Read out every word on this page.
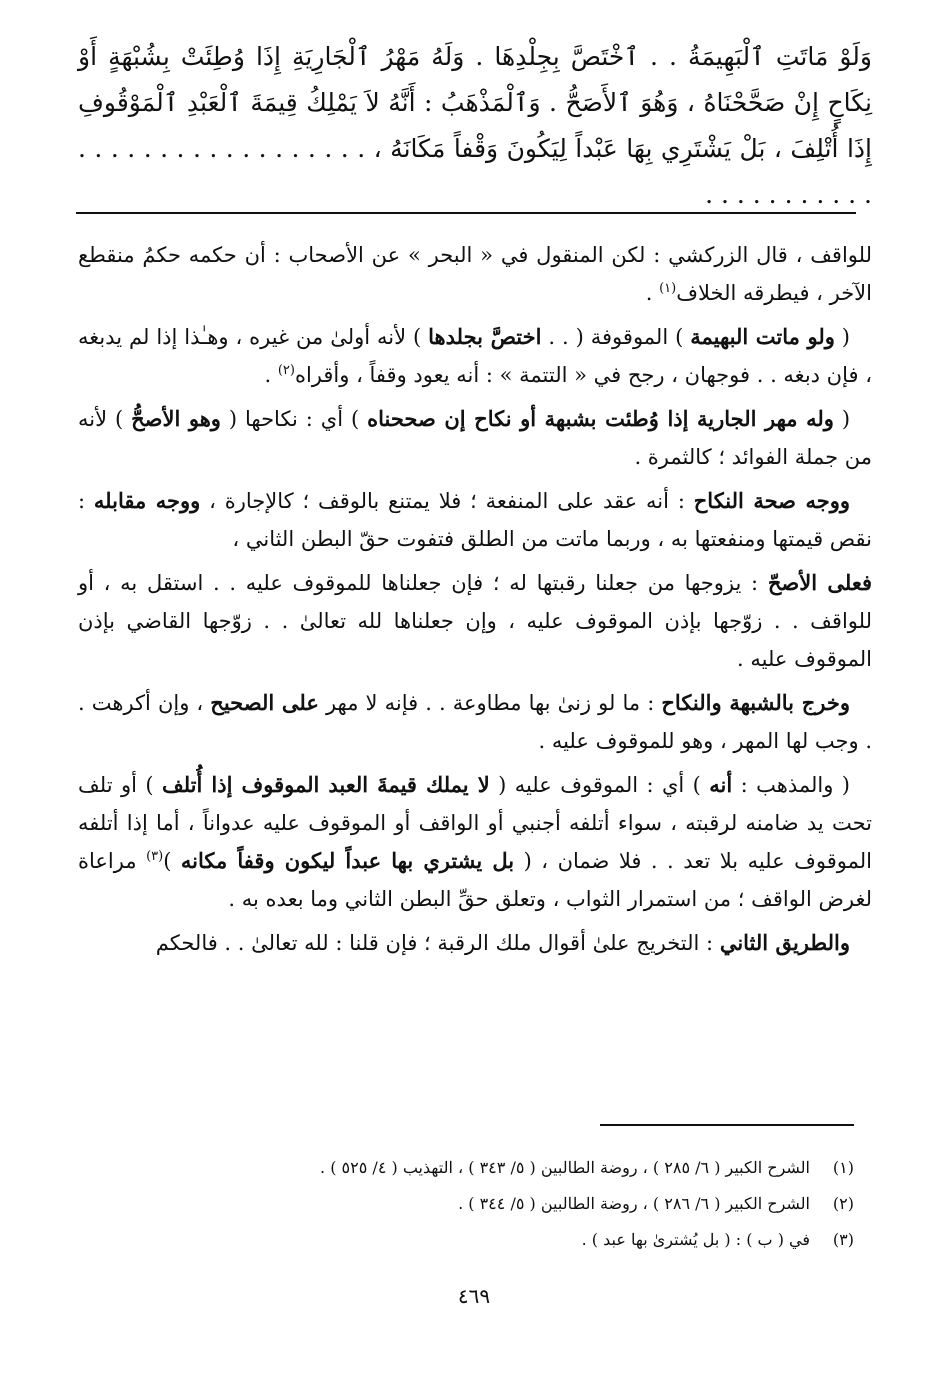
وَلَوْ مَاتَتِ ٱلْبَهِيمَةُ . . ٱخْتَصَّ بِجِلْدِهَا . وَلَهُ مَهْرُ ٱلْجَارِيَةِ إِذَا وُطِئَتْ بِشُبْهَةٍ أَوْ نِكَاحٍ إِنْ صَحَّحْنَاهُ ، وَهُوَ ٱلأَصَحُّ . وَٱلْمَذْهَبُ : أَنَّهُ لاَ يَمْلِكُ قِيمَةَ ٱلْعَبْدِ ٱلْمَوْقُوفِ إِذَا أُتْلِفَ ، بَلْ يَشْتَرِي بِهَا عَبْداً لِيَكُونَ وَقْفاً مَكَانَهُ ، . . . . . . . . . . . . . . . . . . . . . . . . . . . . .

للواقف ، قال الزركشي : لكن المنقول في « البحر » عن الأصحاب : أن حكمه حكمُ منقطع الآخر ، فيطرقه الخلاف$^{(١)}$ .

( ولو ماتت البهيمة ) الموقوفة ( . . اختصَّ بجلدها ) لأنه أولىٰ من غيره ، وهـٰذا إذا لم يدبغه ، فإن دبغه . . فوجهان ، رجح في « التتمة » : أنه يعود وقفاً ، وأقراه$^{(٢)}$ .

( وله مهر الجارية إذا وُطئت بشبهة أو نكاح إن صححناه ) أي : نكاحها ( وهو الأصحُّ ) لأنه من جملة الفوائد ؛ كالثمرة .

ووجه صحة النكاح : أنه عقد على المنفعة ؛ فلا يمتنع بالوقف ؛ كالإجارة ، ووجه مقابله : نقص قيمتها ومنفعتها به ، وربما ماتت من الطلق فتفوت حقّ البطن الثاني ،

فعلى الأصحّ : يزوجها من جعلنا رقبتها له ؛ فإن جعلناها للموقوف عليه . . استقل به ، أو للواقف . . زوّجها بإذن الموقوف عليه ، وإن جعلناها لله تعالىٰ . . زوّجها القاضي بإذن الموقوف عليه .

وخرج بالشبهة والنكاح : ما لو زنىٰ بها مطاوعة . . فإنه لا مهر على الصحيح ، وإن أكرهت . . وجب لها المهر ، وهو للموقوف عليه .

( والمذهب : أنه ) أي : الموقوف عليه ( لا يملك قيمةَ العبد الموقوف إذا أُتلف ) أو تلف تحت يد ضامنه لرقبته ، سواء أتلفه أجنبي أو الواقف أو الموقوف عليه عدواناً ، أما إذا أتلفه الموقوف عليه بلا تعد . . فلا ضمان ، ( بل يشتري بها عبداً ليكون وقفاً مكانه )$^{(٣)}$ مراعاة لغرض الواقف ؛ من استمرار الثواب ، وتعلق حقِّ البطن الثاني وما بعده به .

والطريق الثاني : التخريج علىٰ أقوال ملك الرقبة ؛ فإن قلنا : لله تعالىٰ . . فالحكم

(١)
الشرح الكبير ( ٦/ ٢٨٥ ) ، روضة الطالبين ( ٥/ ٣٤٣ ) ، التهذيب ( ٤/ ٥٢٥ ) .
(٢)
الشرح الكبير ( ٦/ ٢٨٦ ) ، روضة الطالبين ( ٥/ ٣٤٤ ) .
(٣)
في ( ب ) : ( بل يُشترىٰ بها عبد ) .
٤٦٩
